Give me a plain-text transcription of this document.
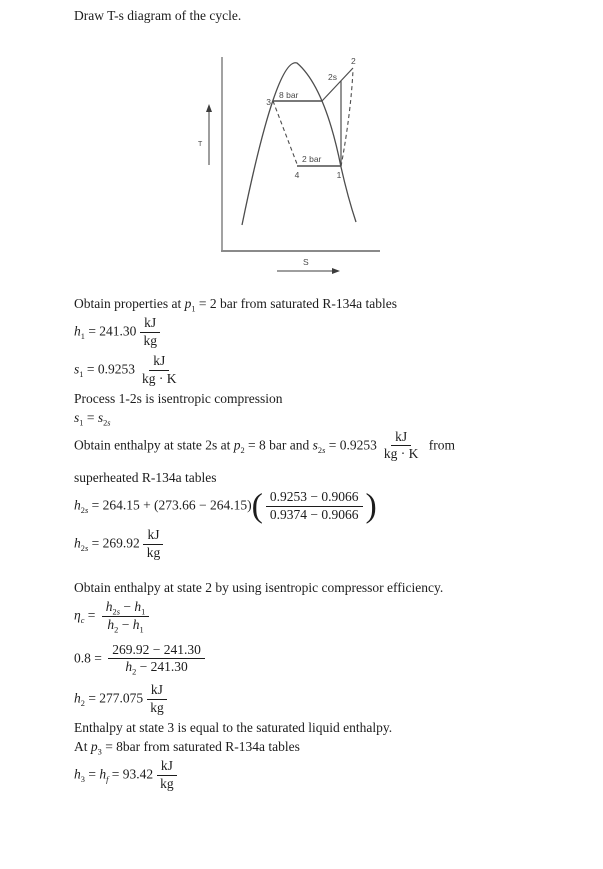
Draw T-s diagram of the cycle.

T
S
8 bar
2 bar
2
2s
3
4	1
Obtain properties at $p_1 = 2$ bar from saturated R-134a tables
$h_1 = 241.30 \frac{kJ}{kg}$
$s_1 = 0.9253 \frac{kJ}{kg \cdot K}$
Process 1-2s is isentropic compression
$s_1 = s_{2s}$
Obtain enthalpy at state 2s at $p_2 = 8$ bar and $s_{2s} = 0.9253 \frac{kJ}{kg \cdot K}$ from
superheated R-134a tables
$h_{2s} = 264.15 + (273.66 - 264.15)( \frac{0.9253 - 0.9066}{0.9374 - 0.9066}$ )
$h_{2s} = 269.92 \frac{kJ}{kg}$
Obtain enthalpy at state 2 by using isentropic compressor efficiency.
$\eta_c = \frac{h_{2s} - h_1}{h_2 - h_1}$
$0.8 = \frac{269.92 - 241.30}{h_2 - 241.30}$
$h_2 = 277.075 \frac{kJ}{kg}$
Enthalpy at state 3 is equal to the saturated liquid enthalpy.
At $p_3 = 8bar$ from saturated R-134a tables
$h_3 = h_f = 93.42 \frac{kJ}{kg}$
